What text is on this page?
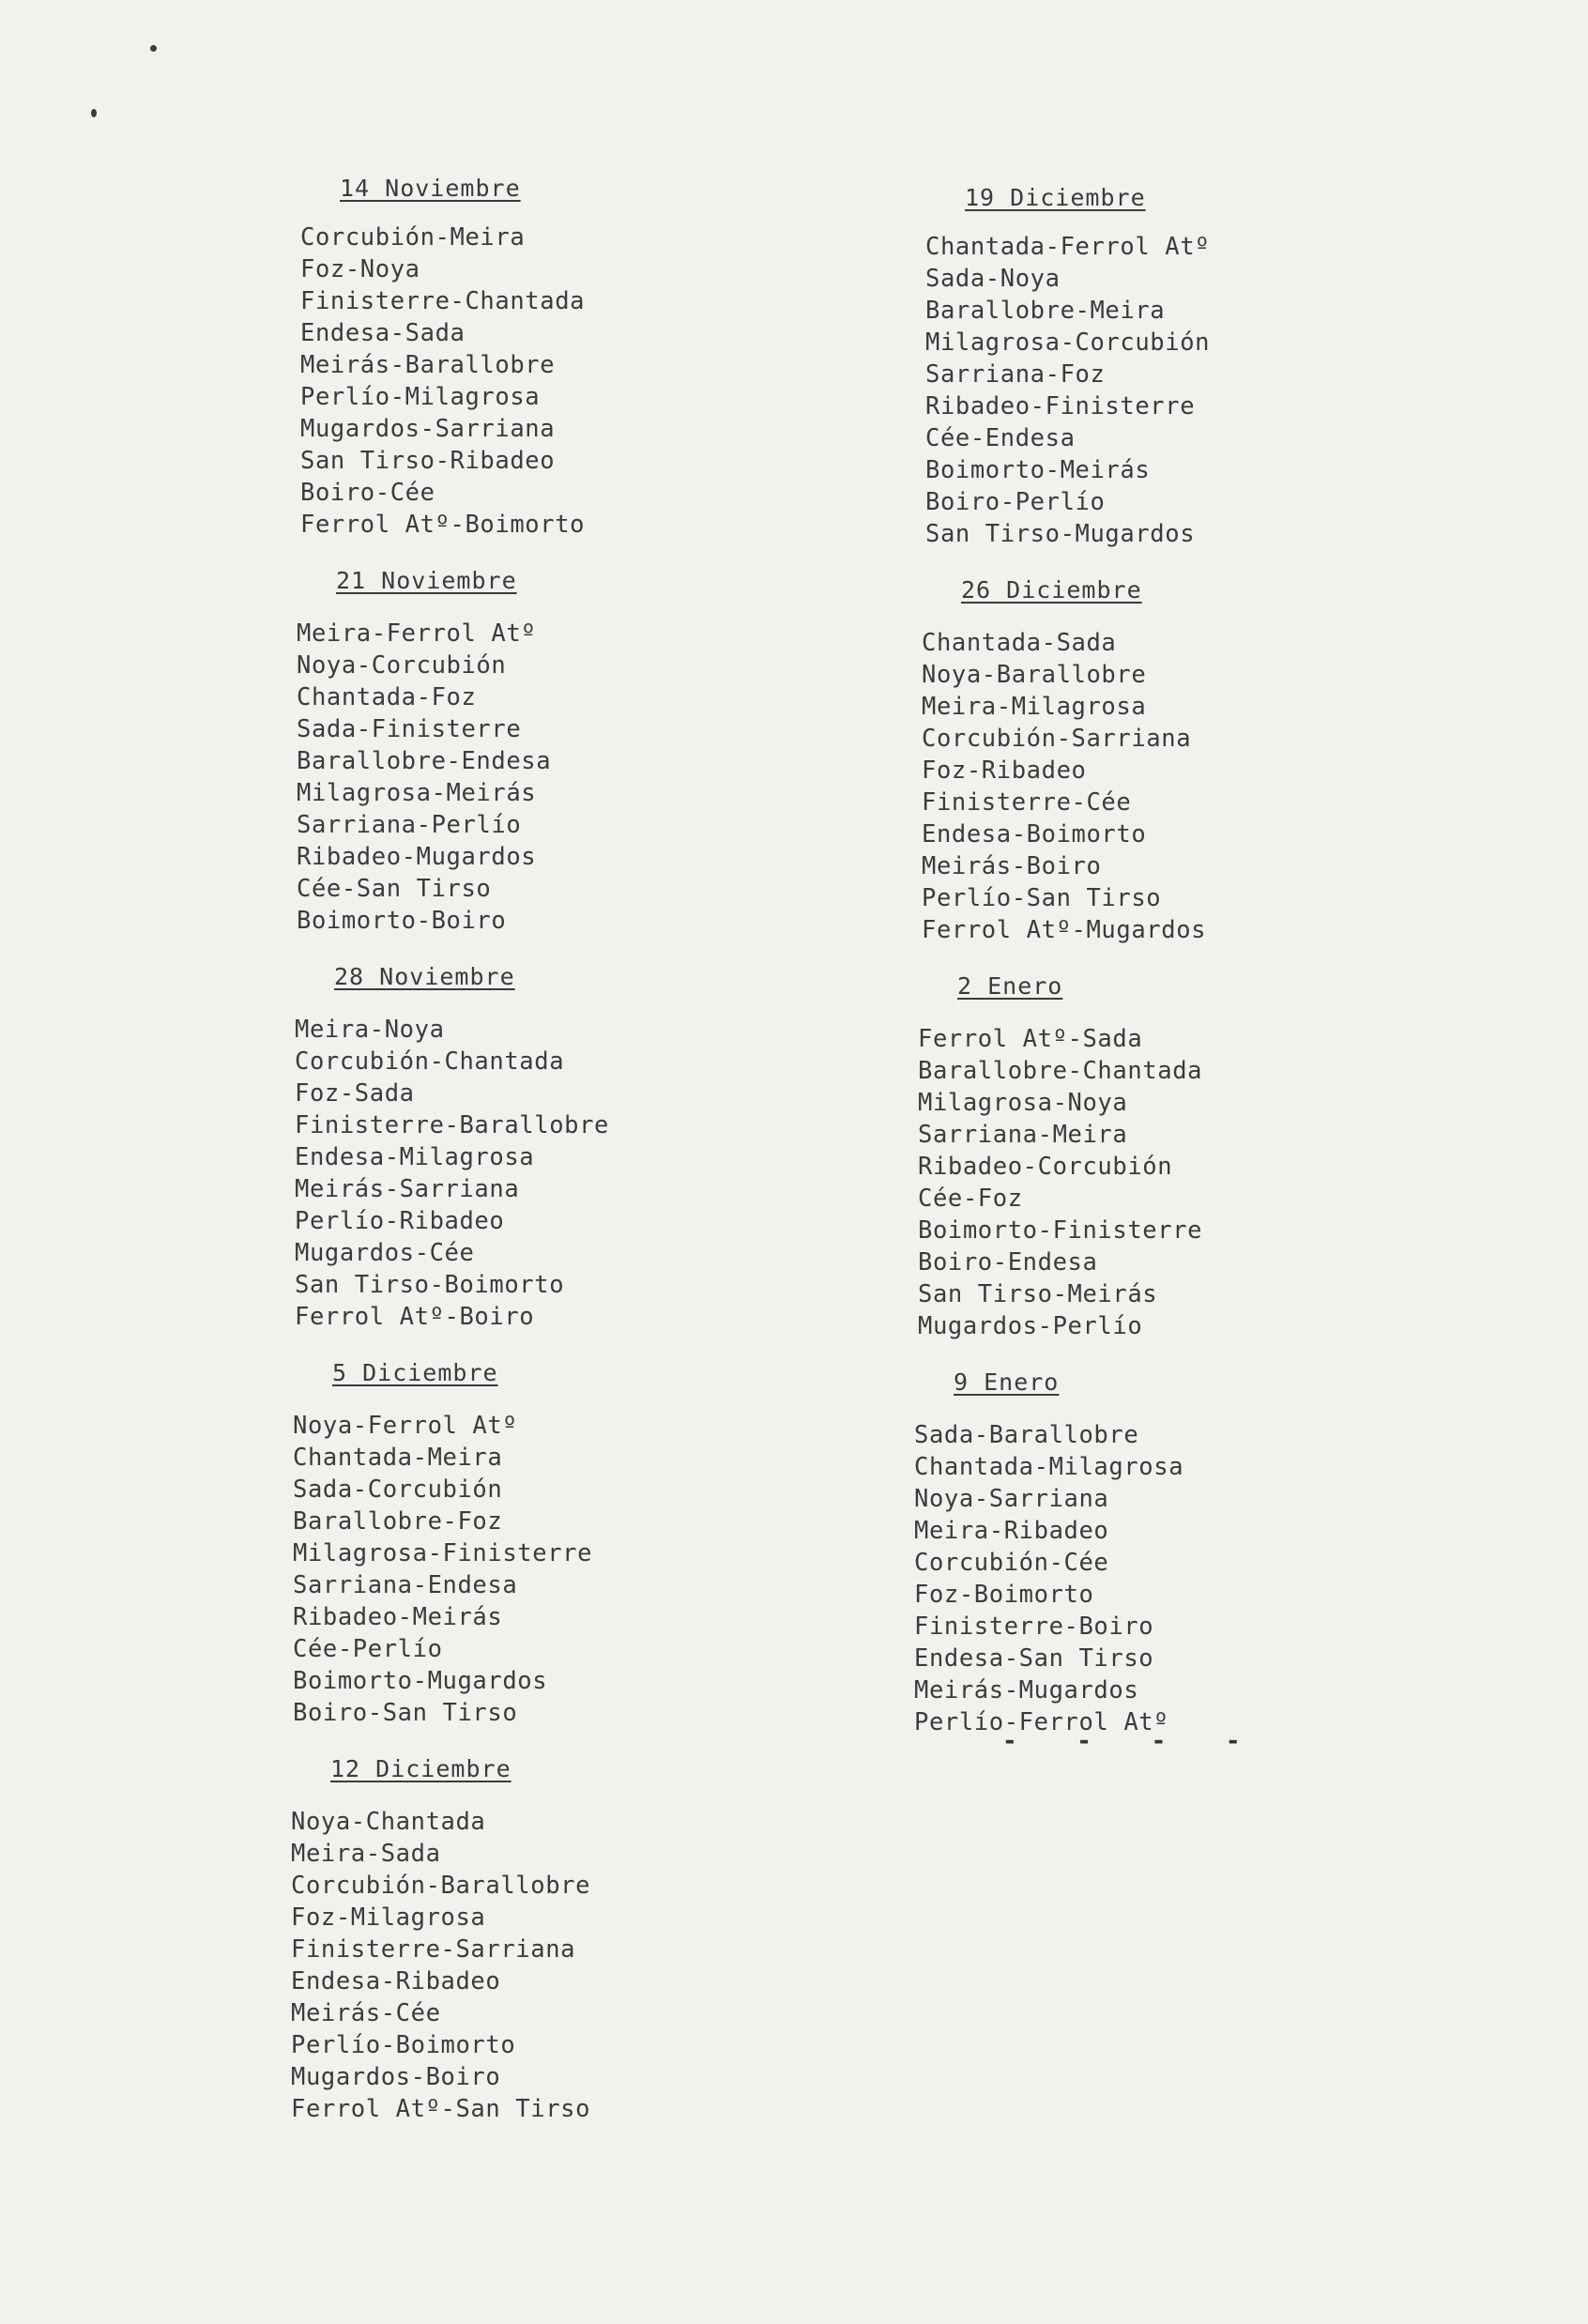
14 Noviembre
Corcubión-Meira
Foz-Noya
Finisterre-Chantada
Endesa-Sada
Meirás-Barallobre
Perlío-Milagrosa
Mugardos-Sarriana
San Tirso-Ribadeo
Boiro-Cée
Ferrol Atº-Boimorto
21 Noviembre
Meira-Ferrol Atº
Noya-Corcubión
Chantada-Foz
Sada-Finisterre
Barallobre-Endesa
Milagrosa-Meirás
Sarriana-Perlío
Ribadeo-Mugardos
Cée-San Tirso
Boimorto-Boiro
28 Noviembre
Meira-Noya
Corcubión-Chantada
Foz-Sada
Finisterre-Barallobre
Endesa-Milagrosa
Meirás-Sarriana
Perlío-Ribadeo
Mugardos-Cée
San Tirso-Boimorto
Ferrol Atº-Boiro
5 Diciembre
Noya-Ferrol Atº
Chantada-Meira
Sada-Corcubión
Barallobre-Foz
Milagrosa-Finisterre
Sarriana-Endesa
Ribadeo-Meirás
Cée-Perlío
Boimorto-Mugardos
Boiro-San Tirso
12 Diciembre
Noya-Chantada
Meira-Sada
Corcubión-Barallobre
Foz-Milagrosa
Finisterre-Sarriana
Endesa-Ribadeo
Meirás-Cée
Perlío-Boimorto
Mugardos-Boiro
Ferrol Atº-San Tirso
19 Diciembre
Chantada-Ferrol Atº
Sada-Noya
Barallobre-Meira
Milagrosa-Corcubión
Sarriana-Foz
Ribadeo-Finisterre
Cée-Endesa
Boimorto-Meirás
Boiro-Perlío
San Tirso-Mugardos
26 Diciembre
Chantada-Sada
Noya-Barallobre
Meira-Milagrosa
Corcubión-Sarriana
Foz-Ribadeo
Finisterre-Cée
Endesa-Boimorto
Meirás-Boiro
Perlío-San Tirso
Ferrol Atº-Mugardos
2 Enero
Ferrol Atº-Sada
Barallobre-Chantada
Milagrosa-Noya
Sarriana-Meira
Ribadeo-Corcubión
Cée-Foz
Boimorto-Finisterre
Boiro-Endesa
San Tirso-Meirás
Mugardos-Perlío
9 Enero
Sada-Barallobre
Chantada-Milagrosa
Noya-Sarriana
Meira-Ribadeo
Corcubión-Cée
Foz-Boimorto
Finisterre-Boiro
Endesa-San Tirso
Meirás-Mugardos
Perlío-Ferrol Atº
- - - -
